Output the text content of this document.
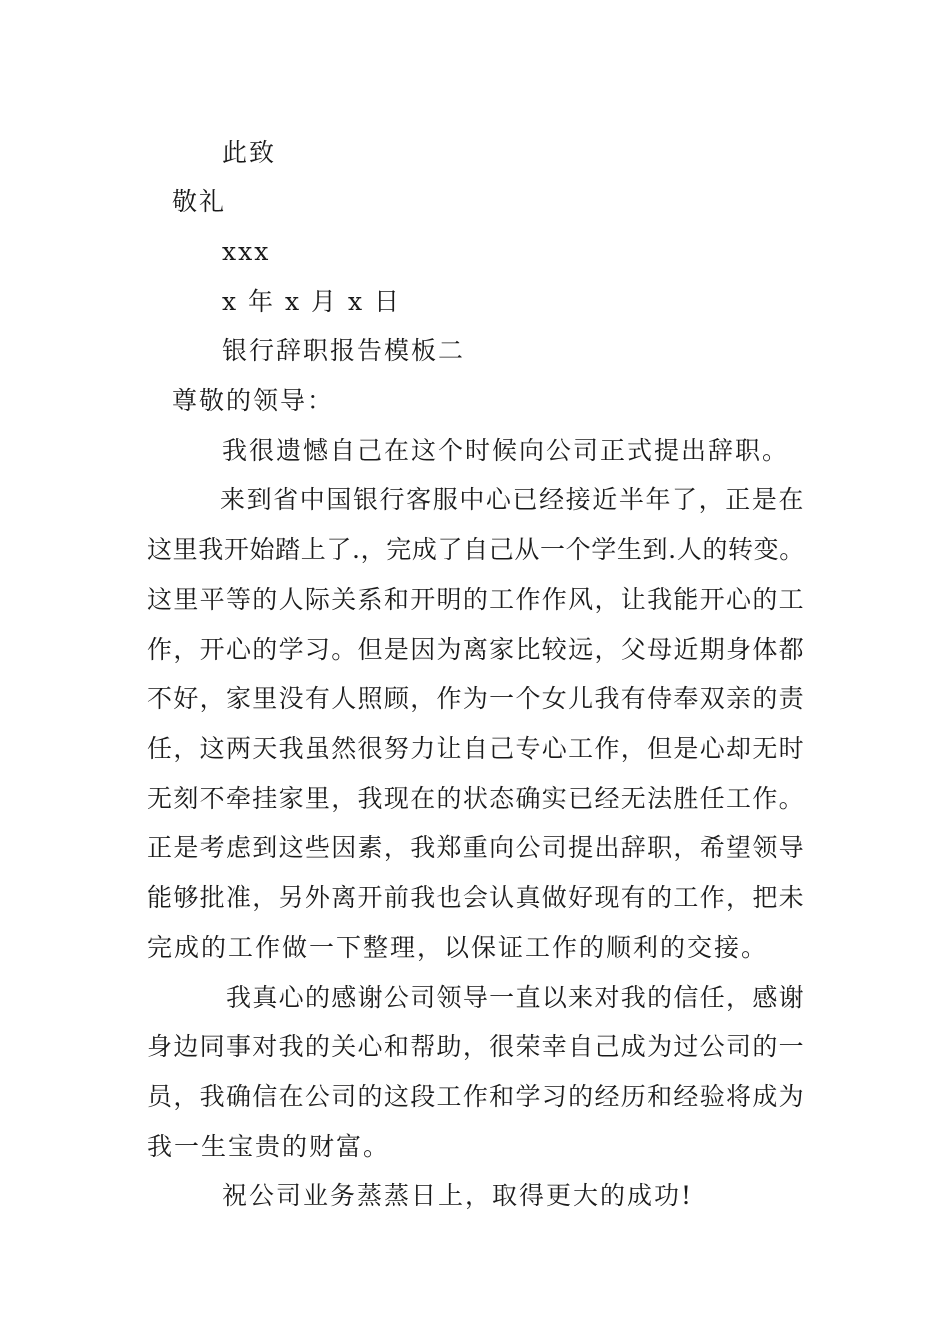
此致
敬礼
xxx
x 年 x 月 x 日
银行辞职报告模板二
尊敬的领导：
我很遗憾自己在这个时候向公司正式提出辞职。
来到省中国银行客服中心已经接近半年了，正是在
这里我开始踏上了.，完成了自己从一个学生到.人的转变。
这里平等的人际关系和开明的工作作风，让我能开心的工
作，开心的学习。但是因为离家比较远，父母近期身体都
不好，家里没有人照顾，作为一个女儿我有侍奉双亲的责
任，这两天我虽然很努力让自己专心工作，但是心却无时
无刻不牵挂家里，我现在的状态确实已经无法胜任工作。
正是考虑到这些因素，我郑重向公司提出辞职，希望领导
能够批准，另外离开前我也会认真做好现有的工作，把未
完成的工作做一下整理，以保证工作的顺利的交接。
我真心的感谢公司领导一直以来对我的信任，感谢
身边同事对我的关心和帮助，很荣幸自己成为过公司的一
员，我确信在公司的这段工作和学习的经历和经验将成为
我一生宝贵的财富。
祝公司业务蒸蒸日上，取得更大的成功!
